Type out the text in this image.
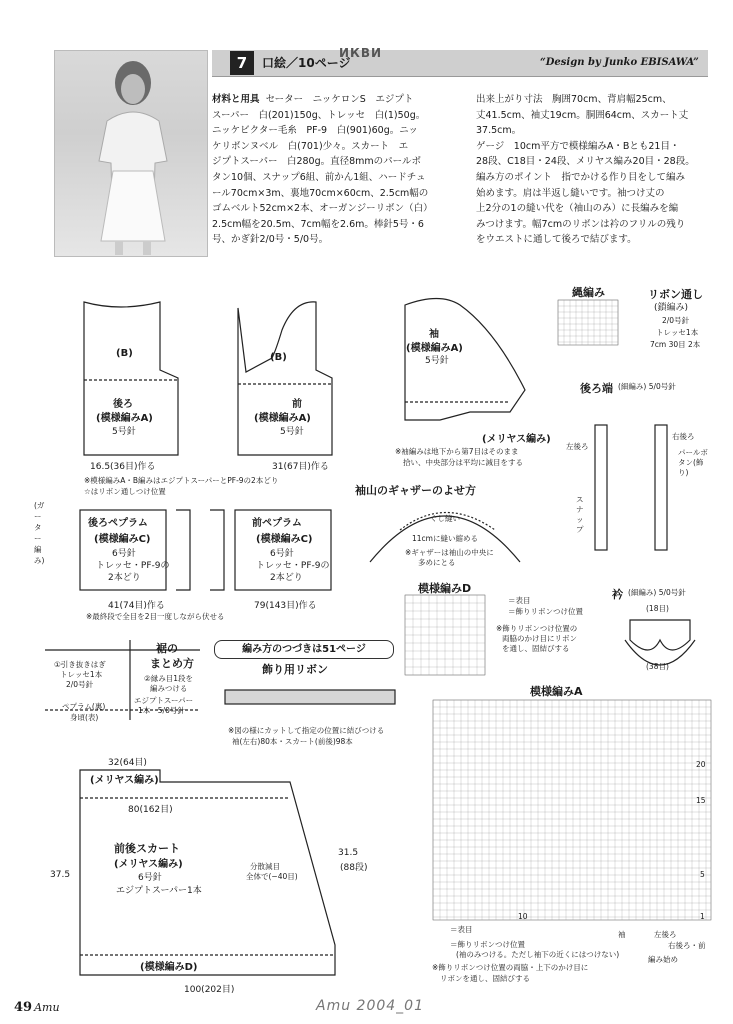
7	口絵／10ページ
ИКВИ
“Design by Junko EBISAWA”
材料と用具 セーター　ニッケロンS　エジプト
スーパー　白(201)150g、トレッセ　白(1)50g。
ニッケビクター毛糸　PF-9　白(901)60g。ニッ
ケリボンヌベル　白(701)少々。スカート　エ
ジプトスーパー　白280g。直径8mmのパールボ
タン10個、スナップ6組、前かん1組、ハードチュ
ール70cm×3m、裏地70cm×60cm、2.5cm幅の
ゴムベルト52cm×2本、オーガンジーリボン（白）
2.5cm幅を20.5m、7cm幅を2.6m。棒針5号・6
号、かぎ針2/0号・5/0号。
出来上がり寸法　胸囲70cm、背肩幅25cm、
丈41.5cm、袖丈19cm。胴囲64cm、スカート丈
37.5cm。
ゲージ　10cm平方で模様編みA・Bとも21目・
28段、C18目・24段、メリヤス編み20目・28段。
編み方のポイント　指でかける作り目をして編み
始めます。肩は半返し縫いです。袖つけ丈の
上2分の1の縫い代を（袖山のみ）に長編みを編
みつけます。幅7cmのリボンは衿のフリルの残り
をウエストに通して後ろで結びます。
(B)
後ろ
(模様編みA)
5号針
(B)
前
(模様編みA)
5号針
袖
(模様編みA)
5号針
(メリヤス編み)
※袖編みは地下から第7目はそのまま
拾い、中央部分は平均に減目をする
16.5(36目)作る	31(67目)作る
※模様編みA・B編みはエジプトスーパーとPF-9の2本どり
☆はリボン通しつけ位置	袖山のギャザーのよせ方
ぐし縫い
11cmに縫い縮める
※ギャザーは袖山の中央に
多めにとる
後ろペプラム
(模様編みC)
6号針
トレッセ・PF-9の
2本どり
前ペプラム
(模様編みC)
6号針
トレッセ・PF-9の
2本どり
41(74目)作る	79(143目)作る
※最終段で全目を2目一度しながら伏せる
(ガーター編み)
裾の
まとめ方
①引き抜きはぎ
トレッセ1本
2/0号針
②縁み目1段を
編みつける
エジプトスーパー
1本　5/0号針
ペプラム(裏)
身頃(表)
編み方のつづきは51ページ
飾り用リボン
※図の様にカットして指定の位置に結びつける
袖(左右)80本・スカート(前後)98本
32(64目)
(メリヤス編み)
80(162目)
前後スカート
(メリヤス編み)
6号針
エジプトスーパー1本
分散減目
全体で(−40目)
(模様編みD)
100(202目)
37.5
31.5
(88段)
縄編み	リボン通し
(鎖編み)
2/0号針
トレッセ1本
7cm 30目 2本
後ろ端 (細編み) 5/0号針
右後ろ
パールボタン(飾り)
左後ろ
スナップ
衿 (細編み) 5/0号針
(18目)
(38目)
模様編みD
＝表目
＝飾りリボンつけ位置
※飾りリボンつけ位置の
両脇のかけ目にリボン
を通し、固結びする
模様編みA
＝表目
＝飾りリボンつけ位置
(袖のみつける。ただし袖下の近くにはつけない)
※飾りリボンつけ位置の両脇・上下のかけ目に
リボンを通し、固結びする
袖	左後ろ
右後ろ・前
編み始め
10	1
5
20
15
49 Amu	Amu 2004_01
